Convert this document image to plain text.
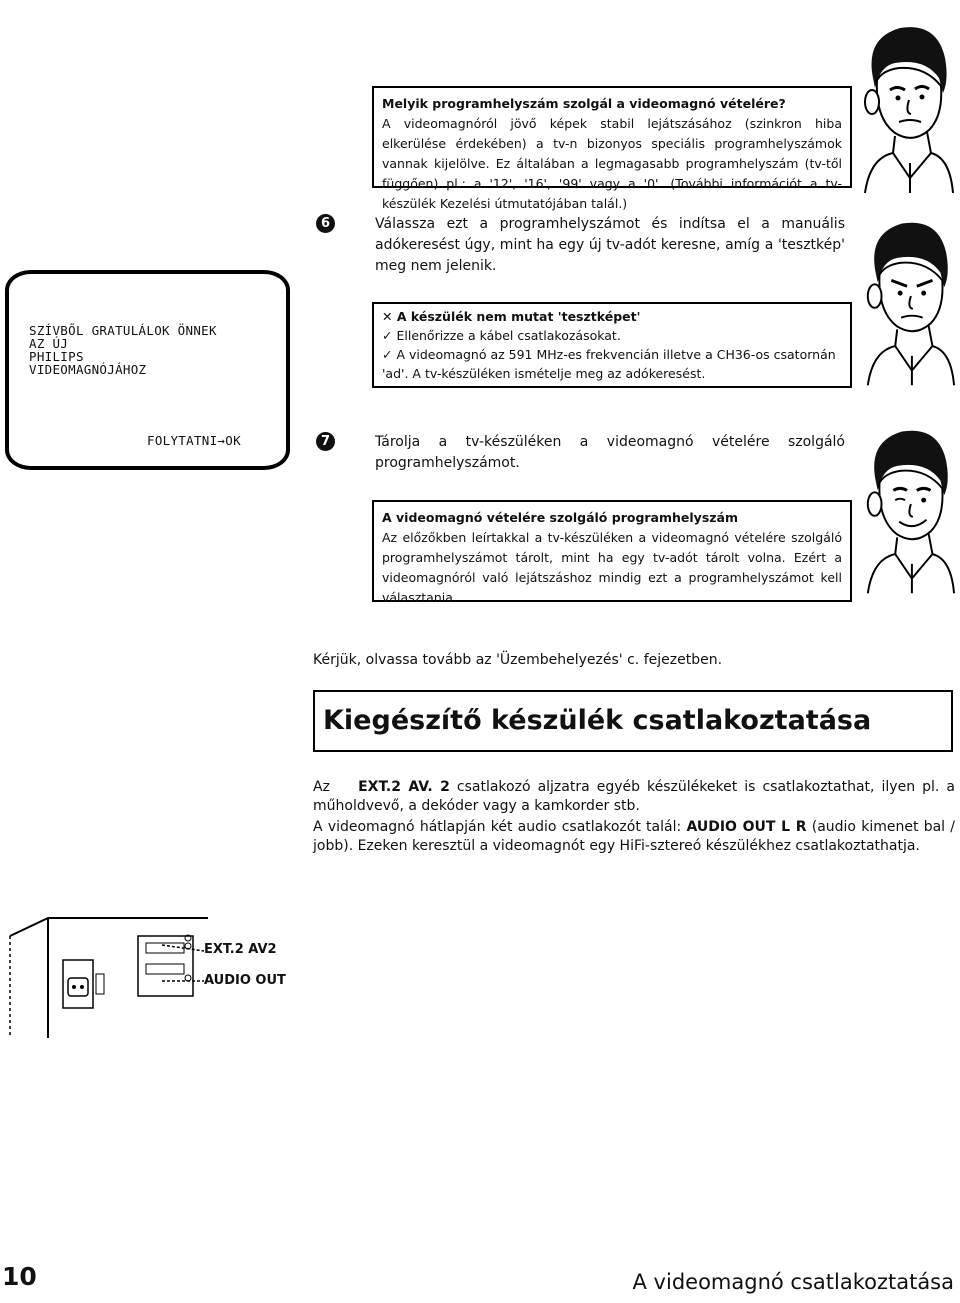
Melyik programhelyszám szolgál a videomagnó vételére?
A videomagnóról jövő képek stabil lejátszásához (szinkron hiba elkerülése érdekében) a tv-n bizonyos speciális programhelyszámok vannak kijelölve. Ez általában a legmagasabb programhelyszám (tv-től függően) pl.: a '12', '16', '99' vagy a '0'. (További információt a tv-készülék Kezelési útmutatójában talál.)
6	Válassza ezt a programhelyszámot és indítsa el a manuális adókeresést úgy, mint ha egy új tv-adót keresne, amíg a 'tesztkép' meg nem jelenik.
SZÍVBŐL GRATULÁLOK ÖNNEK
AZ ÚJ
PHILIPS
VIDEOMAGNÓJÁHOZ
FOLYTATNI→OK
✕ A készülék nem mutat 'tesztképet'
✓ Ellenőrizze a kábel csatlakozásokat.
✓ A videomagnó az 591 MHz-es frekvencián illetve a CH36-os csatornán 'ad'. A tv-készüléken ismételje meg az adókeresést.
7	Tárolja a tv-készüléken a videomagnó vételére szolgáló programhelyszámot.
A videomagnó vételére szolgáló programhelyszám
Az előzőkben leírtakkal a tv-készüléken a videomagnó vételére szolgáló programhelyszámot tárolt, mint ha egy tv-adót tárolt volna. Ezért a videomagnóról való lejátszáshoz mindig ezt a programhelyszámot kell választania.
Kérjük, olvassa tovább az 'Üzembehelyezés' c. fejezetben.
Kiegészítő készülék csatlakoztatása
Az EXT.2 AV. 2 csatlakozó aljzatra egyéb készülékeket is csatlakoztathat, ilyen pl. a műholdvevő, a dekóder vagy a kamkorder stb.
A videomagnó hátlapján két audio csatlakozót talál: AUDIO OUT L R (audio kimenet bal / jobb). Ezeken keresztül a videomagnót egy HiFi-sztereó készülékhez csatlakoztathatja.
EXT.2 AV2
AUDIO OUT
10	A videomagnó csatlakoztatása
